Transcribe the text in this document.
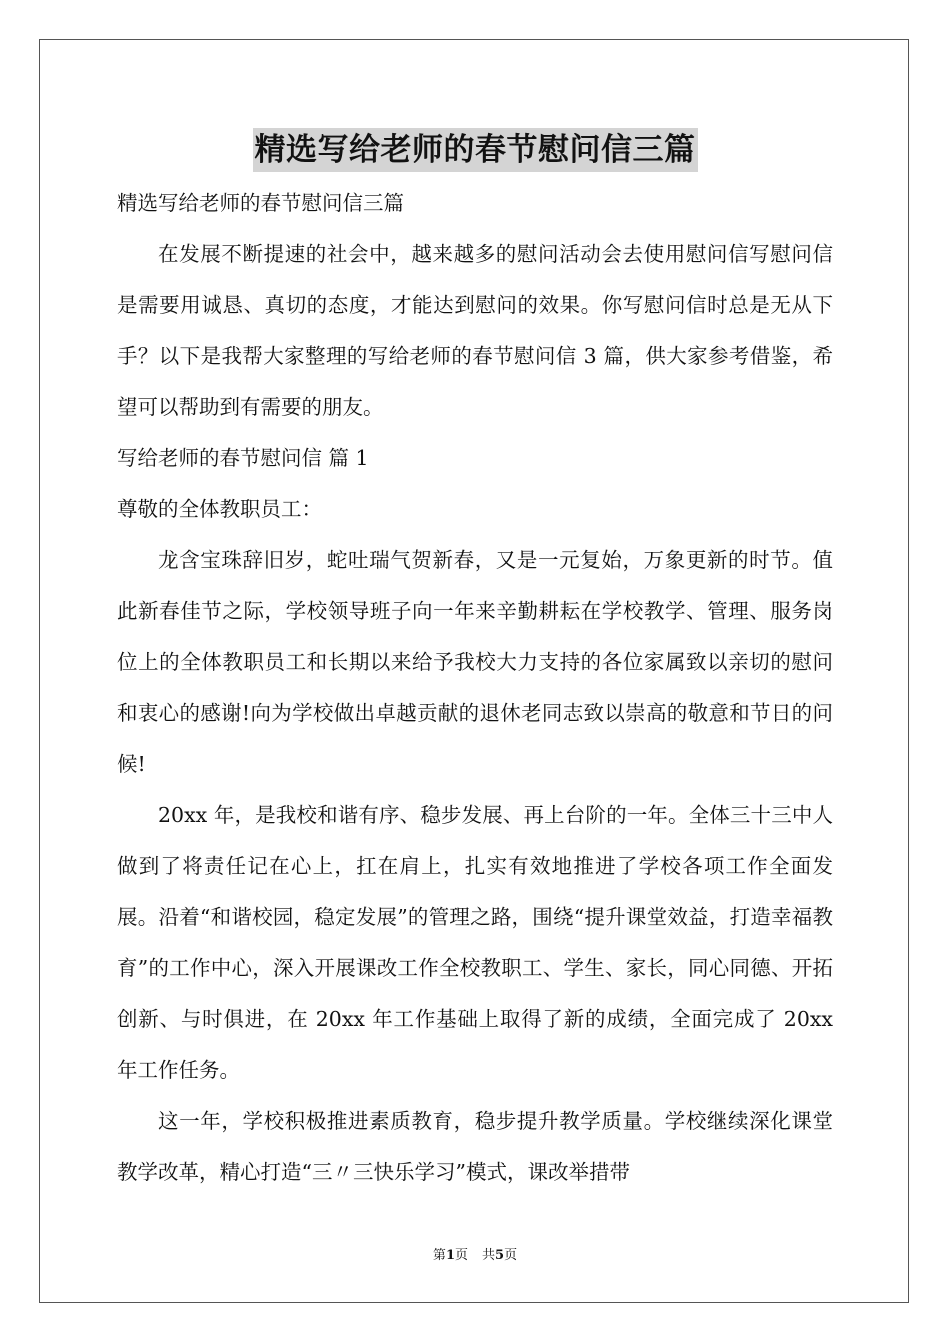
精选写给老师的春节慰问信三篇

精选写给老师的春节慰问信三篇

在发展不断提速的社会中，越来越多的慰问活动会去使用慰问信写慰问信是需要用诚恳、真切的态度，才能达到慰问的效果。你写慰问信时总是无从下手？以下是我帮大家整理的写给老师的春节慰问信 3 篇，供大家参考借鉴，希望可以帮助到有需要的朋友。

写给老师的春节慰问信 篇 1

尊敬的全体教职员工：

龙含宝珠辞旧岁，蛇吐瑞气贺新春，又是一元复始，万象更新的时节。值此新春佳节之际，学校领导班子向一年来辛勤耕耘在学校教学、管理、服务岗位上的全体教职员工和长期以来给予我校大力支持的各位家属致以亲切的慰问和衷心的感谢!向为学校做出卓越贡献的退休老同志致以崇高的敬意和节日的问候!

20xx 年，是我校和谐有序、稳步发展、再上台阶的一年。全体三十三中人做到了将责任记在心上，扛在肩上，扎实有效地推进了学校各项工作全面发展。沿着“和谐校园，稳定发展”的管理之路，围绕“提升课堂效益，打造幸福教育”的工作中心，深入开展课改工作全校教职工、学生、家长，同心同德、开拓创新、与时俱进，在 20xx 年工作基础上取得了新的成绩，全面完成了 20xx 年工作任务。

这一年，学校积极推进素质教育，稳步提升教学质量。学校继续深化课堂教学改革，精心打造“三〃三快乐学习”模式，课改举措带

第1页 共5页
